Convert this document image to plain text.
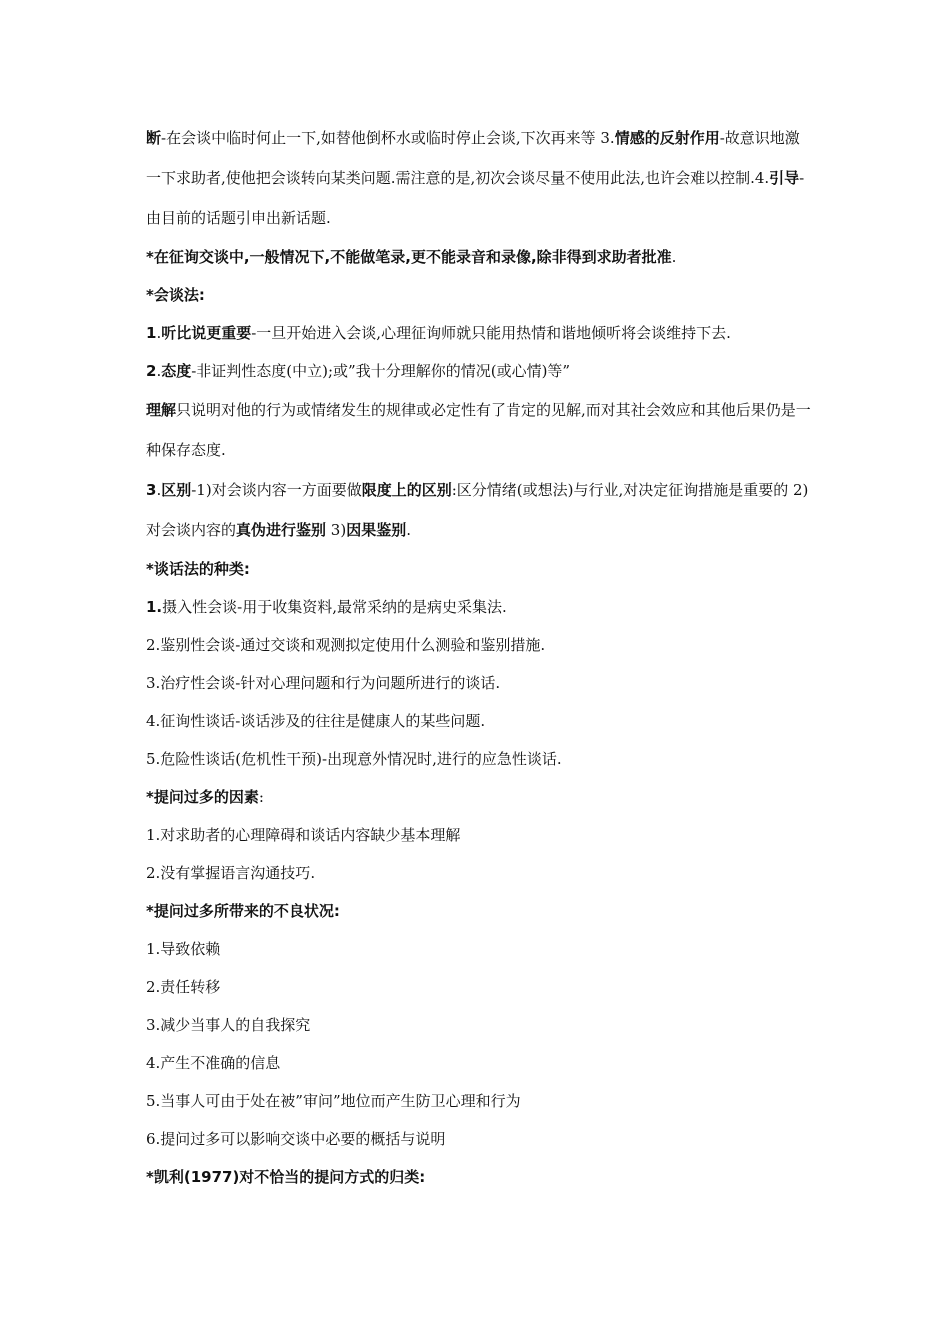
断-在会谈中临时何止一下,如替他倒杯水或临时停止会谈,下次再来等 3.情感的反射作用-故意识地激一下求助者,使他把会谈转向某类问题.需注意的是,初次会谈尽量不使用此法,也许会难以控制.4.引导-由目前的话题引申出新话题.

*在征询交谈中,一般情况下,不能做笔录,更不能录音和录像,除非得到求助者批准.

*会谈法:

1.听比说更重要-一旦开始进入会谈,心理征询师就只能用热情和谐地倾听将会谈维持下去.

2.态度-非证判性态度(中立);或”我十分理解你的情况(或心情)等”

理解只说明对他的行为或情绪发生的规律或必定性有了肯定的见解,而对其社会效应和其他后果仍是一种保存态度.

3.区别-1)对会谈内容一方面要做限度上的区别:区分情绪(或想法)与行业,对决定征询措施是重要的 2)对会谈内容的真伪进行鉴别 3)因果鉴别.

*谈话法的种类:

1.摄入性会谈-用于收集资料,最常采纳的是病史采集法.

2.鉴别性会谈-通过交谈和观测拟定使用什么测验和鉴别措施.

3.治疗性会谈-针对心理问题和行为问题所进行的谈话.

4.征询性谈话-谈话涉及的往往是健康人的某些问题.

5.危险性谈话(危机性干预)-出现意外情况时,进行的应急性谈话.

*提问过多的因素:

1.对求助者的心理障碍和谈话内容缺少基本理解

2.没有掌握语言沟通技巧.

*提问过多所带来的不良状况:

1.导致依赖

2.责任转移

3.减少当事人的自我探究

4.产生不准确的信息

5.当事人可由于处在被”审问”地位而产生防卫心理和行为

6.提问过多可以影响交谈中必要的概括与说明

*凯利(1977)对不恰当的提问方式的归类:
